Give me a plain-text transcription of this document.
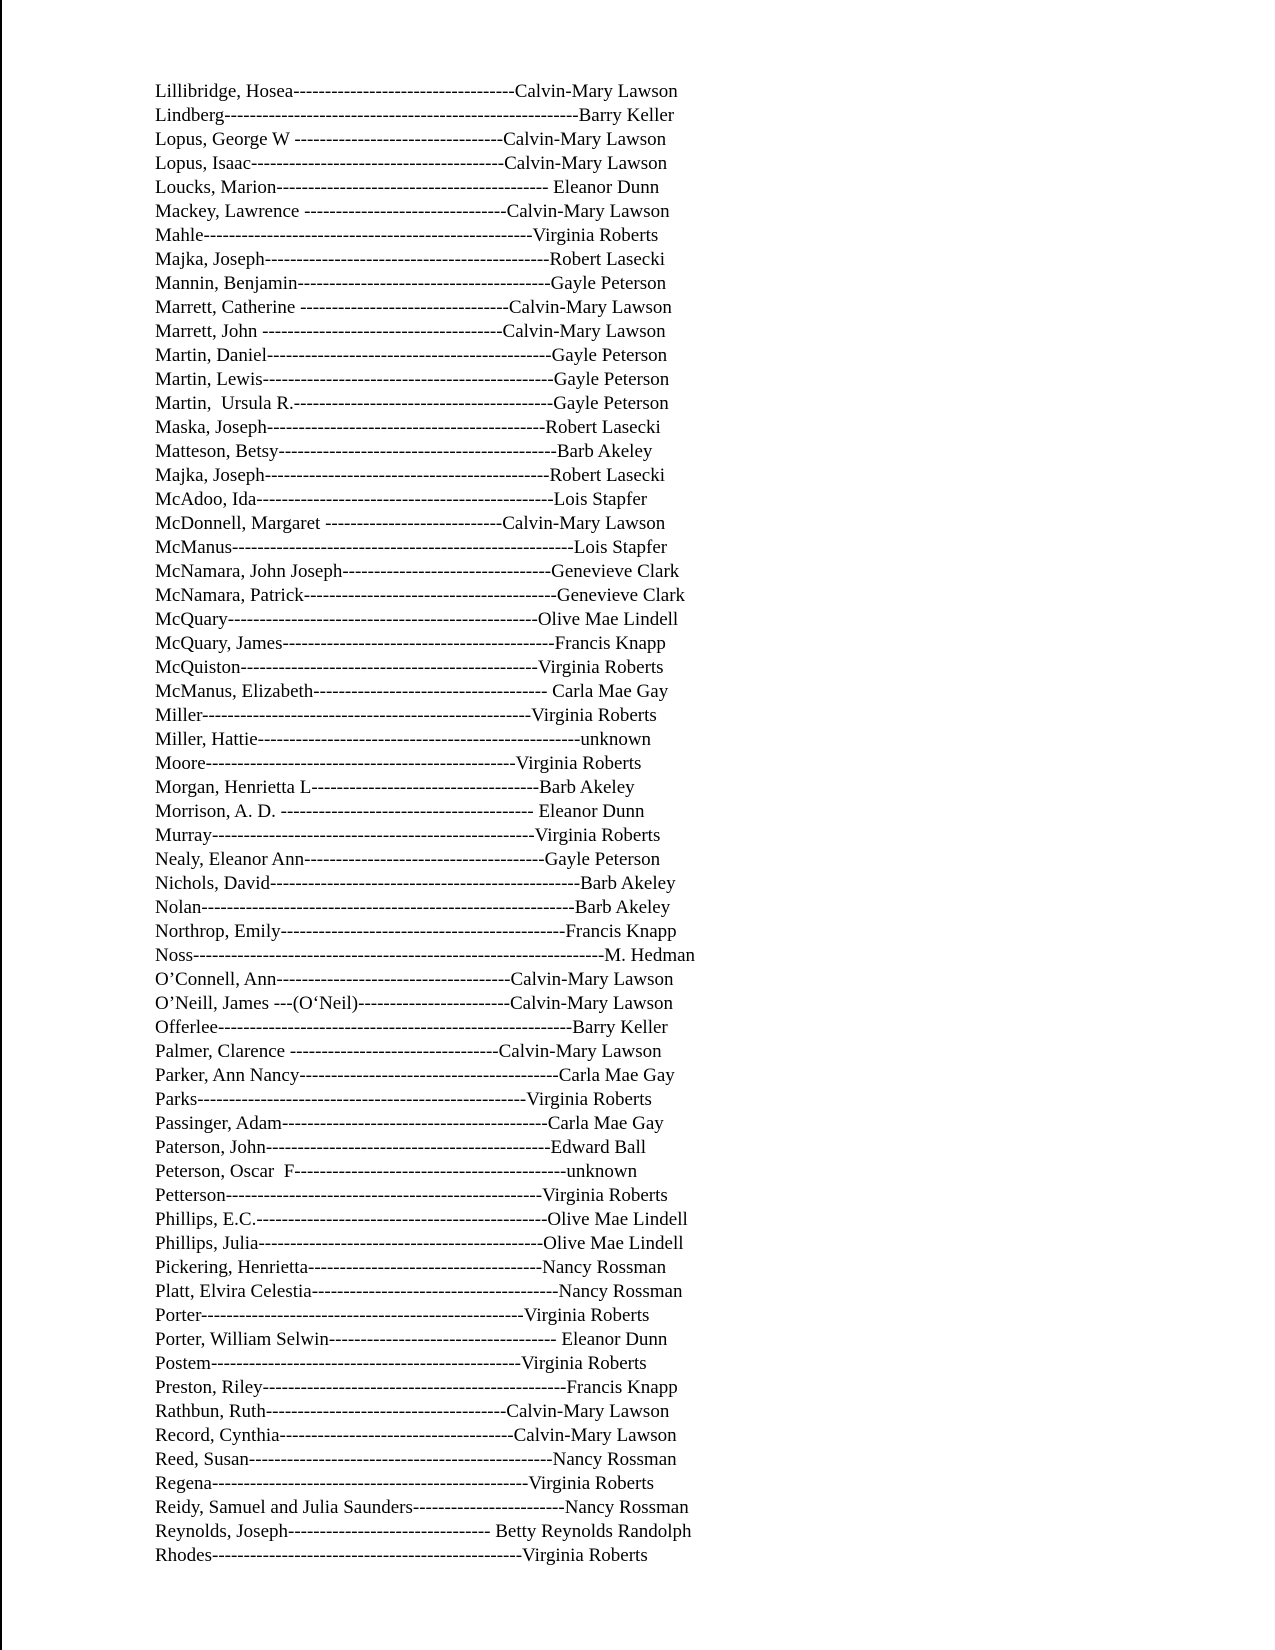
Lillibridge, Hosea-----------------------------------Calvin-Mary Lawson
Lindberg--------------------------------------------------------Barry Keller
Lopus, George W ---------------------------------Calvin-Mary Lawson
Lopus, Isaac----------------------------------------Calvin-Mary Lawson
Loucks, Marion------------------------------------------- Eleanor Dunn
Mackey, Lawrence --------------------------------Calvin-Mary Lawson
Mahle----------------------------------------------------Virginia Roberts
Majka, Joseph---------------------------------------------Robert Lasecki
Mannin, Benjamin----------------------------------------Gayle Peterson
Marrett, Catherine ---------------------------------Calvin-Mary Lawson
Marrett, John --------------------------------------Calvin-Mary Lawson
Martin, Daniel---------------------------------------------Gayle Peterson
Martin, Lewis----------------------------------------------Gayle Peterson
Martin,  Ursula R.-----------------------------------------Gayle Peterson
Maska, Joseph--------------------------------------------Robert Lasecki
Matteson, Betsy--------------------------------------------Barb Akeley
Majka, Joseph---------------------------------------------Robert Lasecki
McAdoo, Ida-----------------------------------------------Lois Stapfer
McDonnell, Margaret ----------------------------Calvin-Mary Lawson
McManus------------------------------------------------------Lois Stapfer
McNamara, John Joseph---------------------------------Genevieve Clark
McNamara, Patrick----------------------------------------Genevieve Clark
McQuary-------------------------------------------------Olive Mae Lindell
McQuary, James-------------------------------------------Francis Knapp
McQuiston-----------------------------------------------Virginia Roberts
McManus, Elizabeth------------------------------------- Carla Mae Gay
Miller----------------------------------------------------Virginia Roberts
Miller, Hattie---------------------------------------------------unknown
Moore-------------------------------------------------Virginia Roberts
Morgan, Henrietta L------------------------------------Barb Akeley
Morrison, A. D. ---------------------------------------- Eleanor Dunn
Murray---------------------------------------------------Virginia Roberts
Nealy, Eleanor Ann--------------------------------------Gayle Peterson
Nichols, David-------------------------------------------------Barb Akeley
Nolan-----------------------------------------------------------Barb Akeley
Northrop, Emily---------------------------------------------Francis Knapp
Noss-----------------------------------------------------------------M. Hedman
O’Connell, Ann-------------------------------------Calvin-Mary Lawson
O’Neill, James ---(O‘Neil)------------------------Calvin-Mary Lawson
Offerlee--------------------------------------------------------Barry Keller
Palmer, Clarence ---------------------------------Calvin-Mary Lawson
Parker, Ann Nancy-----------------------------------------Carla Mae Gay
Parks----------------------------------------------------Virginia Roberts
Passinger, Adam------------------------------------------Carla Mae Gay
Paterson, John---------------------------------------------Edward Ball
Peterson, Oscar  F-------------------------------------------unknown
Petterson--------------------------------------------------Virginia Roberts
Phillips, E.C.----------------------------------------------Olive Mae Lindell
Phillips, Julia---------------------------------------------Olive Mae Lindell
Pickering, Henrietta-------------------------------------Nancy Rossman
Platt, Elvira Celestia---------------------------------------Nancy Rossman
Porter---------------------------------------------------Virginia Roberts
Porter, William Selwin------------------------------------ Eleanor Dunn
Postem-------------------------------------------------Virginia Roberts
Preston, Riley------------------------------------------------Francis Knapp
Rathbun, Ruth--------------------------------------Calvin-Mary Lawson
Record, Cynthia-------------------------------------Calvin-Mary Lawson
Reed, Susan------------------------------------------------Nancy Rossman
Regena--------------------------------------------------Virginia Roberts
Reidy, Samuel and Julia Saunders------------------------Nancy Rossman
Reynolds, Joseph-------------------------------- Betty Reynolds Randolph
Rhodes-------------------------------------------------Virginia Roberts
